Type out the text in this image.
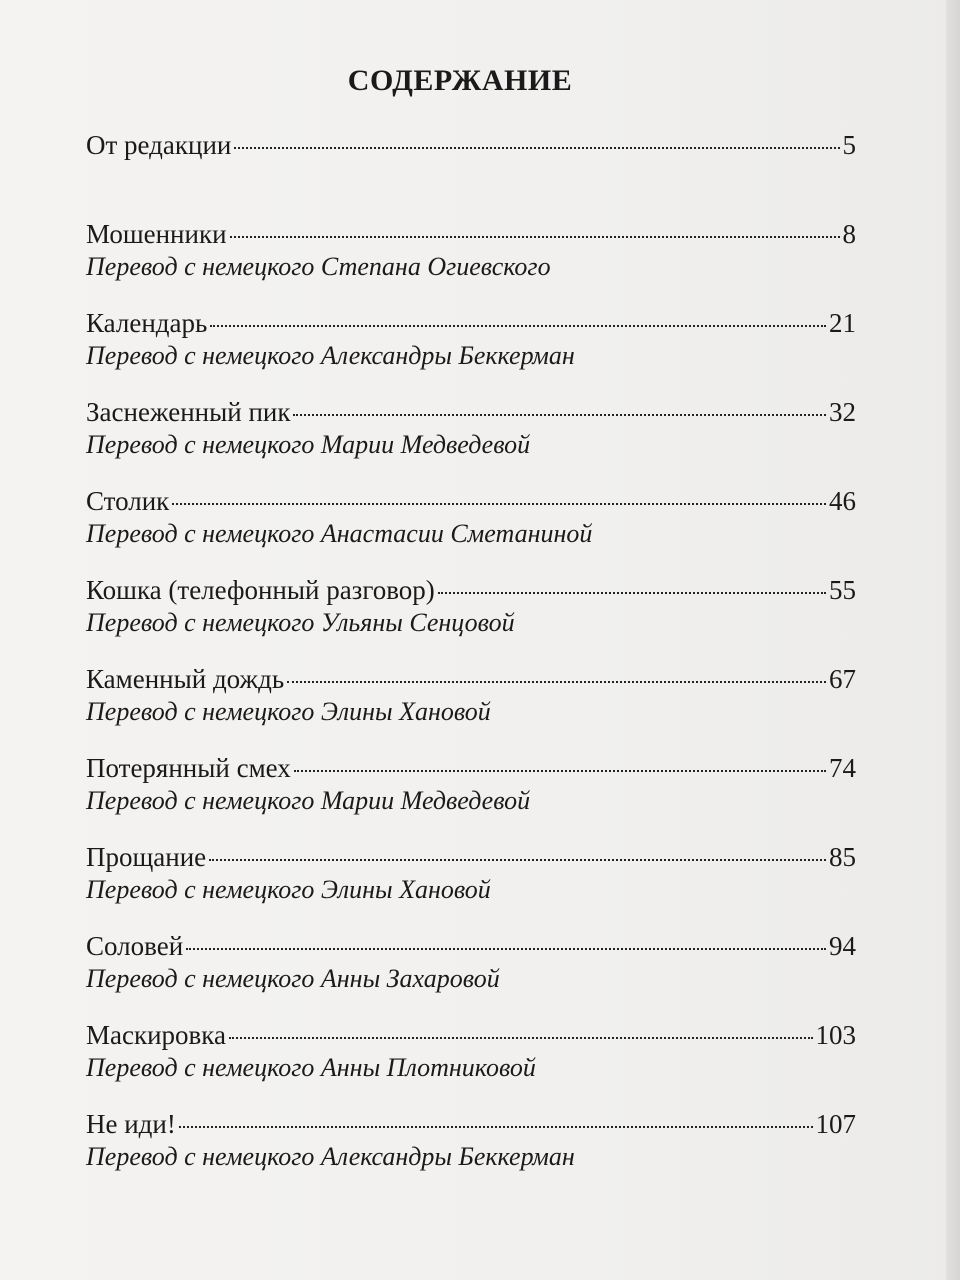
СОДЕРЖАНИЕ
От редакции	5
Мошенники	8
Перевод с немецкого Степана Огиевского
Календарь	21
Перевод с немецкого Александры Беккерман
Заснеженный пик	32
Перевод с немецкого Марии Медведевой
Столик	46
Перевод с немецкого Анастасии Сметаниной
Кошка (телефонный разговор)	55
Перевод с немецкого Ульяны Сенцовой
Каменный дождь	67
Перевод с немецкого Элины Хановой
Потерянный смех	74
Перевод с немецкого Марии Медведевой
Прощание	85
Перевод с немецкого Элины Хановой
Соловей	94
Перевод с немецкого Анны Захаровой
Маскировка	103
Перевод с немецкого Анны Плотниковой
Не иди!	107
Перевод с немецкого Александры Беккерман
